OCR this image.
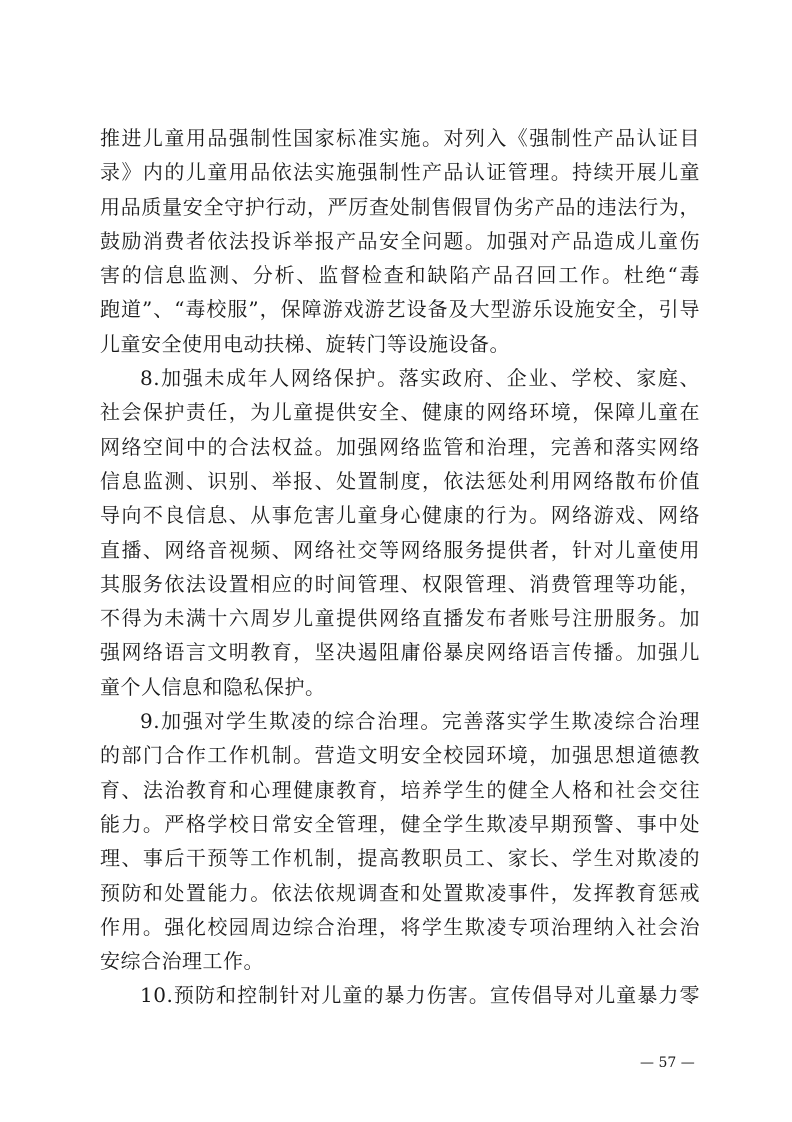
推进儿童用品强制性国家标准实施。对列入《强制性产品认证目
录》内的儿童用品依法实施强制性产品认证管理。持续开展儿童
用品质量安全守护行动，严厉查处制售假冒伪劣产品的违法行为，
鼓励消费者依法投诉举报产品安全问题。加强对产品造成儿童伤
害的信息监测、分析、监督检查和缺陷产品召回工作。杜绝“毒
跑道”、“毒校服”，保障游戏游艺设备及大型游乐设施安全，引导
儿童安全使用电动扶梯、旋转门等设施设备。
8.加强未成年人网络保护。落实政府、企业、学校、家庭、
社会保护责任，为儿童提供安全、健康的网络环境，保障儿童在
网络空间中的合法权益。加强网络监管和治理，完善和落实网络
信息监测、识别、举报、处置制度，依法惩处利用网络散布价值
导向不良信息、从事危害儿童身心健康的行为。网络游戏、网络
直播、网络音视频、网络社交等网络服务提供者，针对儿童使用
其服务依法设置相应的时间管理、权限管理、消费管理等功能，
不得为未满十六周岁儿童提供网络直播发布者账号注册服务。加
强网络语言文明教育，坚决遏阻庸俗暴戾网络语言传播。加强儿
童个人信息和隐私保护。
9.加强对学生欺凌的综合治理。完善落实学生欺凌综合治理
的部门合作工作机制。营造文明安全校园环境，加强思想道德教
育、法治教育和心理健康教育，培养学生的健全人格和社会交往
能力。严格学校日常安全管理，健全学生欺凌早期预警、事中处
理、事后干预等工作机制，提高教职员工、家长、学生对欺凌的
预防和处置能力。依法依规调查和处置欺凌事件，发挥教育惩戒
作用。强化校园周边综合治理，将学生欺凌专项治理纳入社会治
安综合治理工作。
10.预防和控制针对儿童的暴力伤害。宣传倡导对儿童暴力零
— 57 —
